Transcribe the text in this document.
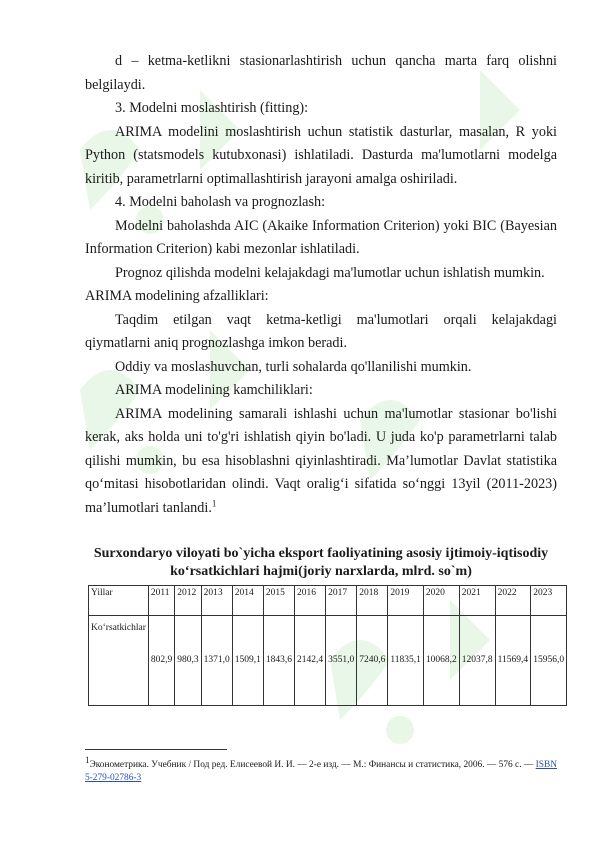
d – ketma-ketlikni stasionarlashtirish uchun qancha marta farq olishni belgilaydi.

3. Modelni moslashtirish (fitting):

ARIMA modelini moslashtirish uchun statistik dasturlar, masalan, R yoki Python (statsmodels kutubxonasi) ishlatiladi. Dasturda ma'lumotlarni modelga kiritib, parametrlarni optimallashtirish jarayoni amalga oshiriladi.

4. Modelni baholash va prognozlash:

Modelni baholashda AIC (Akaike Information Criterion) yoki BIC (Bayesian Information Criterion) kabi mezonlar ishlatiladi.

Prognoz qilishda modelni kelajakdagi ma'lumotlar uchun ishlatish mumkin.

ARIMA modelining afzalliklari:

Taqdim etilgan vaqt ketma-ketligi ma'lumotlari orqali kelajakdagi qiymatlarni aniq prognozlashga imkon beradi.

Oddiy va moslashuvchan, turli sohalarda qo'llanilishi mumkin.

ARIMA modelining kamchiliklari:

ARIMA modelining samarali ishlashi uchun ma'lumotlar stasionar bo'lishi kerak, aks holda uni to'g'ri ishlatish qiyin bo'ladi. U juda ko'p parametrlarni talab qilishi mumkin, bu esa hisoblashni qiyinlashtiradi. Ma’lumotlar Davlat statistika qo‘mitasi hisobotlaridan olindi. Vaqt oralig‘i sifatida so‘nggi 13yil (2011-2023) ma’lumotlari tanlandi.$^1$

Surxondaryo viloyati bo`yicha eksport faoliyatining asosiy ijtimoiy-iqtisodiy ko‘rsatkichlari hajmi(joriy narxlarda, mlrd. so`m)
Yillar	2011	2012	2013	2014	2015	2016	2017	2018	2019	2020	2021	2022	2023
Ko‘rsatkichlar	802,9	980,3	1371,0	1509,1	1843,6	2142,4	3551,0	7240,6	11835,1	10068,2	12037,8	11569,4	15956,0
$^1$Эконометрика. Учебник / Под ред. Елисеевой И. И. — 2-е изд. — М.: Финансы и статистика, 2006. — 576 с. — ISBN 5-279-02786-3
